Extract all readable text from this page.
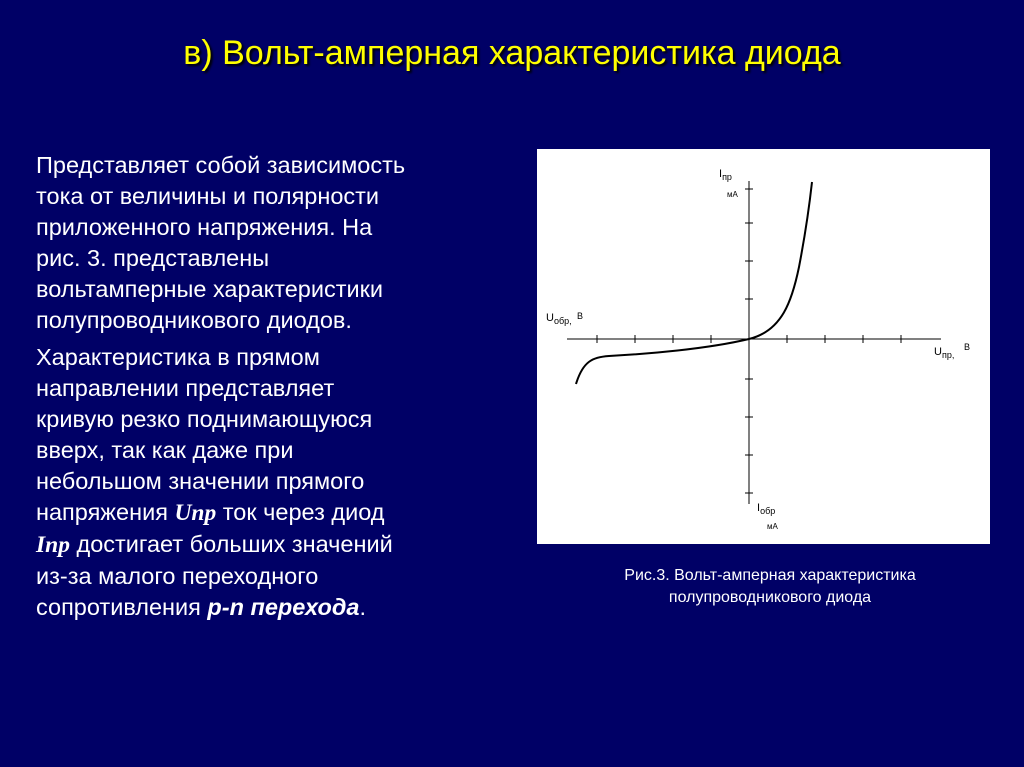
в) Вольт-амперная характеристика диода

Представляет собой зависимость
тока от величины и полярности
приложенного напряжения. На
рис. 3. представлены
вольтамперные характеристики
полупроводникового диодов.

Характеристика в прямом
направлении представляет
кривую резко поднимающуюся
вверх, так как даже при
небольшом значении прямого
напряжения Uпр ток через диод
Iпр достигает больших значений
из-за малого переходного
сопротивления p-n перехода.

$I_{пр}$
мА
$U_{обр,}$ В
$U_{пр,}$
В
$I_{обр}$
мА
Рис.3. Вольт-амперная характеристика
полупроводникового диода
